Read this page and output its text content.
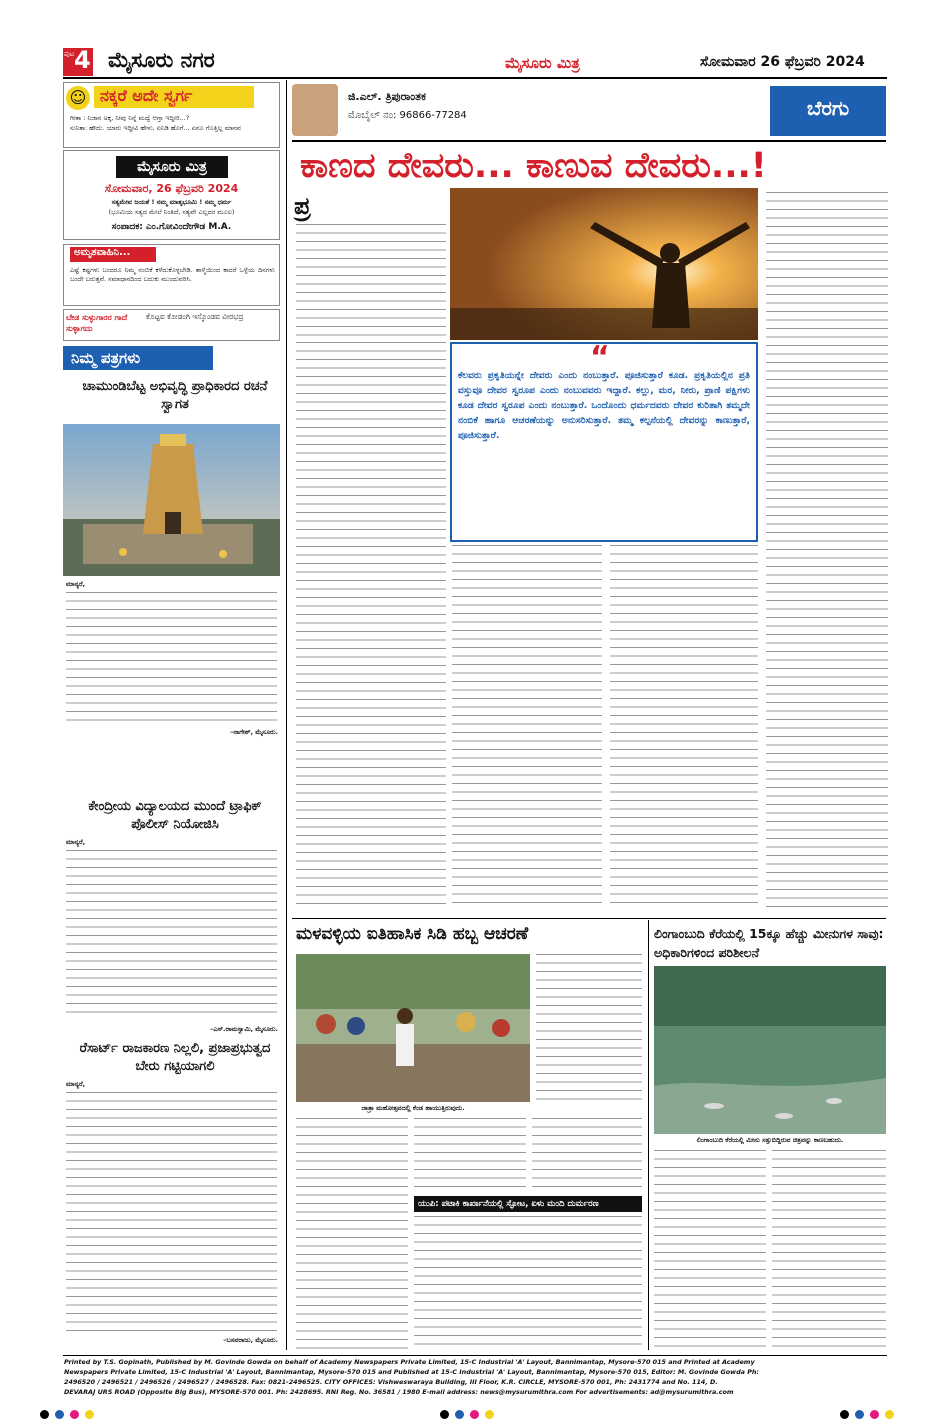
ಪುಟ 4 ಮೈಸೂರು ನಗರ	ಮೈಸೂರು ಮಿತ್ರ	ಸೋಮವಾರ 26 ಫೆಬ್ರವರಿ 2024
☺ ನಕ್ಕರೆ ಅದೇ ಸ್ವರ್ಗ
ಗೀತಾ : ನಿಜಾನ ಅಕ್ಕ, ನೀವು ನಿನ್ನೆ ಮದ್ವೆ ಆಗ್ತಾ ಇದ್ದೀರಿ...?
ಸುನಿತಾ: ಹೌದು. ಯಾರು ಇದ್ದೀವಿ ಹೇಳು, ಏನಿಡಿ ಹೊಗೆ... ಏನೂ ಗೊತ್ತಿಲ್ಲ ಮಾನವ
ಮೈಸೂರು ಮಿತ್ರ
ಸೋಮವಾರ, 26 ಫೆಬ್ರವರಿ 2024
ಸತ್ಯಮೇವ ಜಯತೆ ! ನಮ್ಮ ಮಾತೃಭೂಮಿ ! ನಮ್ಮ ಧರ್ಮ
(ಭೂಮಿಯ ಸತ್ಯದ ಮೇಲೆ ನಿಂತಿದೆ, ಸತ್ಯವೇ ಎಲ್ಲದರ ಮೂಲ)
ಸಂಪಾದಕ: ಎಂ.ಗೋವಿಂದೇಗೌಡ M.A.
ಅಮೃತವಾಹಿನಿ...
ಎಷ್ಟೆ ಕಷ್ಟಗಳು ಬಂದರೂ ನಿಮ್ಮ ನಂಬಿಕೆ ಕಳೆದುಕೊಳ್ಳಬೇಡಿ. ತಾಳ್ಮೆಯಿಂದ ಕಾದರೆ ಒಳ್ಳೆಯ ದಿನಗಳು ಬಂದೇ ಬರುತ್ತವೆ. ಸಮಾಧಾನದಿಂದ ಬದುಕು ಮುಂದುವರಿಸಿ.
ಬೇಡ ಸುಳ್ಳುಗಾರರ ಗಾದೆ ಸುಳ್ಳಾಗದು
ಕೊಟ್ಟವ ಕೋಡಂಗಿ ಇಸ್ಕೊಂಡವ ವೀರಭದ್ರ
ನಿಮ್ಮ ಪತ್ರಗಳು
ಚಾಮುಂಡಿಬೆಟ್ಟ ಅಭಿವೃದ್ಧಿ ಪ್ರಾಧಿಕಾರದ ರಚನೆ ಸ್ವಾಗತ
ಮಾನ್ಯರೆ,
–ನಾಗೇಶ್, ಮೈಸೂರು.
ಕೇಂದ್ರೀಯ ವಿದ್ಯಾಲಯದ ಮುಂದೆ ಟ್ರಾಫಿಕ್ ಪೊಲೀಸ್ ನಿಯೋಜಿಸಿ
ಮಾನ್ಯರೆ,
–ಎಸ್.ರಾಮಸ್ವಾಮಿ, ಮೈಸೂರು.
ರೆಸಾರ್ಟ್ ರಾಜಕಾರಣ ನಿಲ್ಲಲಿ, ಪ್ರಜಾಪ್ರಭುತ್ವದ ಬೇರು ಗಟ್ಟಿಯಾಗಲಿ
ಮಾನ್ಯರೆ,
–ಬಸವರಾಜು, ಮೈಸೂರು.
ಜಿ.ಎಲ್. ತ್ರಿಪುರಾಂತಕ
ಮೊಬೈಲ್ ನಂ: 96866-77284	ಬೆರಗು
ಕಾಣದ ದೇವರು... ಕಾಣುವ ದೇವರು...!
ಪ್ರ
“
ಕೆಲವರು ಪ್ರಕೃತಿಯನ್ನೇ ದೇವರು ಎಂದು ನಂಬುತ್ತಾರೆ. ಪೂಜಿಸುತ್ತಾರೆ ಕೂಡ. ಪ್ರಕೃತಿಯಲ್ಲಿನ ಪ್ರತಿ ವಸ್ತುವೂ ದೇವರ ಸ್ವರೂಪ ಎಂದು ನಂಬುವವರು ಇದ್ದಾರೆ. ಕಲ್ಲು, ಮರ, ನೀರು, ಪ್ರಾಣಿ ಪಕ್ಷಿಗಳು ಕೂಡ ದೇವರ ಸ್ವರೂಪ ಎಂದು ನಂಬುತ್ತಾರೆ. ಒಂದೊಂದು ಧರ್ಮದವರು ದೇವರ ಕುರಿತಾಗಿ ತಮ್ಮದೇ ನಂಬಿಕೆ ಹಾಗೂ ಆಚರಣೆಯನ್ನು ಅನುಸರಿಸುತ್ತಾರೆ. ತಮ್ಮ ಕಲ್ಪನೆಯಲ್ಲಿ ದೇವರನ್ನು ಕಾಣುತ್ತಾರೆ, ಪೂಜಿಸುತ್ತಾರೆ.
ಮಳವಳ್ಳಿಯ ಐತಿಹಾಸಿಕ ಸಿಡಿ ಹಬ್ಬ ಆಚರಣೆ
ಜಾತ್ರಾ ಮಹೋತ್ಸವದಲ್ಲಿ ಕೆಂಡ ಹಾಯುತ್ತಿರುವುದು.
ಯುಪಿ: ಪಟಾಕಿ ಕಾರ್ಖಾನೆಯಲ್ಲಿ ಸ್ಫೋಟ, ಏಳು ಮಂದಿ ದುರ್ಮರಣ
ಲಿಂಗಾಂಬುದಿ ಕೆರೆಯಲ್ಲಿ 15ಕ್ಕೂ ಹೆಚ್ಚು ಮೀನುಗಳ ಸಾವು: ಅಧಿಕಾರಿಗಳಿಂದ ಪರಿಶೀಲನೆ
ಲಿಂಗಾಂಬುದಿ ಕೆರೆಯಲ್ಲಿ ಮೀನು ಸತ್ತುಬಿದ್ದಿರುವ ಚಿತ್ರವನ್ನು ಕಾಣಬಹುದು.
Printed by T.S. Gopinath, Published by M. Govinde Gowda on behalf of Academy Newspapers Private Limited, 15-C Industrial 'A' Layout, Bannimantap, Mysore-570 015 and Printed at Academy
Newspapers Private Limited, 15-C Industrial 'A' Layout, Bannimantap, Mysore-570 015 and Published at 15-C Industrial 'A' Layout, Bannimantap, Mysore-570 015, Editor: M. Govinde Gowda Ph:
2496520 / 2496521 / 2496526 / 2496527 / 2496528. Fax: 0821-2496525. CITY OFFICES: Vishweswaraya Building, III Floor, K.R. CIRCLE, MYSORE-570 001, Ph: 2431774 and No. 114, D.
DEVARAJ URS ROAD (Opposite Big Bus), MYSORE-570 001. Ph: 2428695. RNI Reg. No. 36581 / 1980 E-mail address: news@mysurumithra.com For advertisements: ad@mysurumithra.com
